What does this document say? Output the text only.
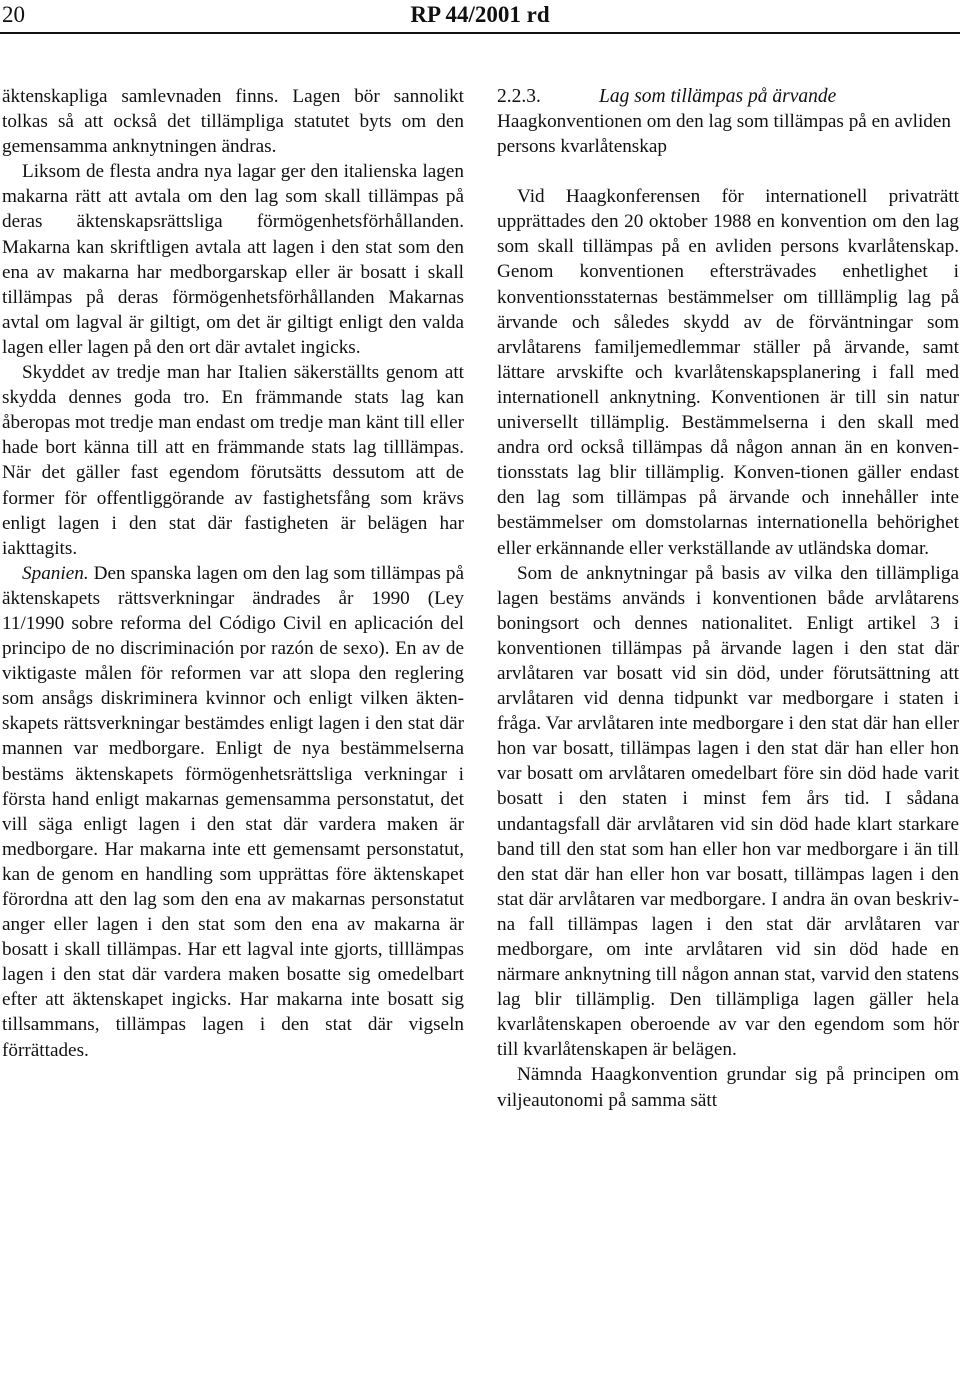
20	RP 44/2001 rd

äktenskapliga samlevnaden finns. Lagen bör sannolikt tolkas så att också det tillämpliga statutet byts om den gemensamma anknytningen ändras.

Liksom de flesta andra nya lagar ger den italienska lagen makarna rätt att avtala om den lag som skall tillämpas på deras äktenskapsrättsliga förmögenhetsförhållanden. Makarna kan skriftligen avtala att lagen i den stat som den ena av makarna har medborgarskap eller är bosatt i skall tillämpas på deras förmögenhetsförhållanden Makarnas avtal om lagval är giltigt, om det är giltigt enligt den valda lagen eller lagen på den ort där avtalet ingicks.

Skyddet av tredje man har Italien säkerställts genom att skydda dennes goda tro. En främmande stats lag kan åberopas mot tredje man endast om tredje man känt till eller hade bort känna till att en främmande stats lag tilllämpas. När det gäller fast egendom förutsätts dessutom att de former för offentliggörande av fastighetsfång som krävs enligt lagen i den stat där fastigheten är belägen har iakttagits.

Spanien. Den spanska lagen om den lag som tillämpas på äktenskapets rättsverkningar ändrades år 1990 (Ley 11/1990 sobre reforma del Código Civil en aplicación del principo de no discriminación por razón de sexo). En av de viktigaste målen för reformen var att slopa den reglering som ansågs diskriminera kvinnor och enligt vilken äktenskapets rättsverkningar bestämdes enligt lagen i den stat där mannen var medborgare. Enligt de nya bestämmelserna bestäms äktenskapets förmögenhetsrättsliga verkningar i första hand enligt makarnas gemensamma personstatut, det vill säga enligt lagen i den stat där vardera maken är medborgare. Har makarna inte ett gemensamt personstatut, kan de genom en handling som upprättas före äktenskapet förordna att den lag som den ena av makarnas personstatut anger eller lagen i den stat som den ena av makarna är bosatt i skall tillämpas. Har ett lagval inte gjorts, tilllämpas lagen i den stat där vardera maken bosatte sig omedelbart efter att äktenskapet ingicks. Har makarna inte bosatt sig tillsammans, tillämpas lagen i den stat där vigseln förrättades.

2.2.3.	Lag som tillämpas på ärvande

Haagkonventionen om den lag som tillämpas på en avliden persons kvarlåtenskap

Vid Haagkonferensen för internationell privaträtt upprättades den 20 oktober 1988 en konvention om den lag som skall tillämpas på en avliden persons kvarlåtenskap. Genom konventionen eftersträvades enhetlighet i konventionsstaternas bestämmelser om tilllämplig lag på ärvande och således skydd av de förväntningar som arvlåtarens familjemedlemmar ställer på ärvande, samt lättare arvskifte och kvarlåtenskapsplanering i fall med internationell anknytning. Konventionen är till sin natur universellt tillämplig. Bestämmelserna i den skall med andra ord också tillämpas då någon annan än en konventionsstats lag blir tillämplig. Konven-tionen gäller endast den lag som tillämpas på ärvande och innehåller inte bestämmelser om domstolarnas internationella behörighet eller erkännande eller verkställande av utländska domar.

Som de anknytningar på basis av vilka den tillämpliga lagen bestäms används i konventionen både arvlåtarens boningsort och dennes nationalitet. Enligt artikel 3 i konventionen tillämpas på ärvande lagen i den stat där arvlåtaren var bosatt vid sin död, under förutsättning att arvlåtaren vid denna tidpunkt var medborgare i staten i fråga. Var arvlåtaren inte medborgare i den stat där han eller hon var bosatt, tillämpas lagen i den stat där han eller hon var bosatt om arvlåtaren omedelbart före sin död hade varit bosatt i den staten i minst fem års tid. I sådana undantagsfall där arvlåtaren vid sin död hade klart starkare band till den stat som han eller hon var medborgare i än till den stat där han eller hon var bosatt, tillämpas lagen i den stat där arvlåtaren var medborgare. I andra än ovan beskrivna fall tillämpas lagen i den stat där arvlåtaren var medborgare, om inte arvlåtaren vid sin död hade en närmare anknytning till någon annan stat, varvid den statens lag blir tillämplig. Den tillämpliga lagen gäller hela kvarlåtenskapen oberoende av var den egendom som hör till kvarlåtenskapen är belägen.

Nämnda Haagkonvention grundar sig på principen om viljeautonomi på samma sätt
